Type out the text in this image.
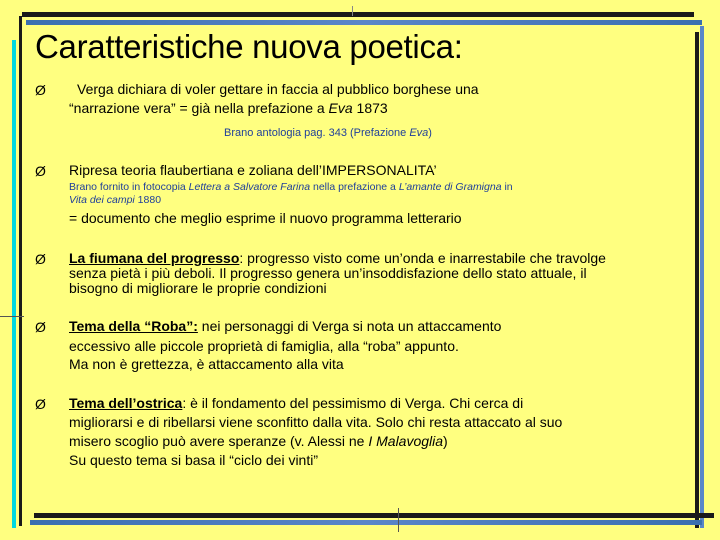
Caratteristiche nuova poetica:
Ø Verga dichiara di voler gettare in faccia al pubblico borghese una
“narrazione vera” = già nella prefazione a Eva 1873
Brano antologia pag. 343 (Prefazione Eva)
Ø Ripresa teoria flaubertiana e zoliana dell’IMPERSONALITA’
Brano fornito in fotocopia Lettera a Salvatore Farina nella prefazione a L’amante di Gramigna in
Vita dei campi 1880
= documento che meglio esprime il nuovo programma letterario
Ø La fiumana del progresso: progresso visto come un’onda e inarrestabile che travolge
senza pietà i più deboli. Il progresso genera un’insoddisfazione dello stato attuale, il
bisogno di migliorare le proprie condizioni
Ø Tema della “Roba”: nei personaggi di Verga si nota un attaccamento
eccessivo alle piccole proprietà di famiglia, alla “roba” appunto.
Ma non è grettezza, è attaccamento alla vita
Ø Tema dell’ostrica: è il fondamento del pessimismo di Verga. Chi cerca di
migliorarsi e di ribellarsi viene sconfitto dalla vita. Solo chi resta attaccato al suo
misero scoglio può avere speranze (v. Alessi ne I Malavoglia)
Su questo tema si basa il “ciclo dei vinti”
